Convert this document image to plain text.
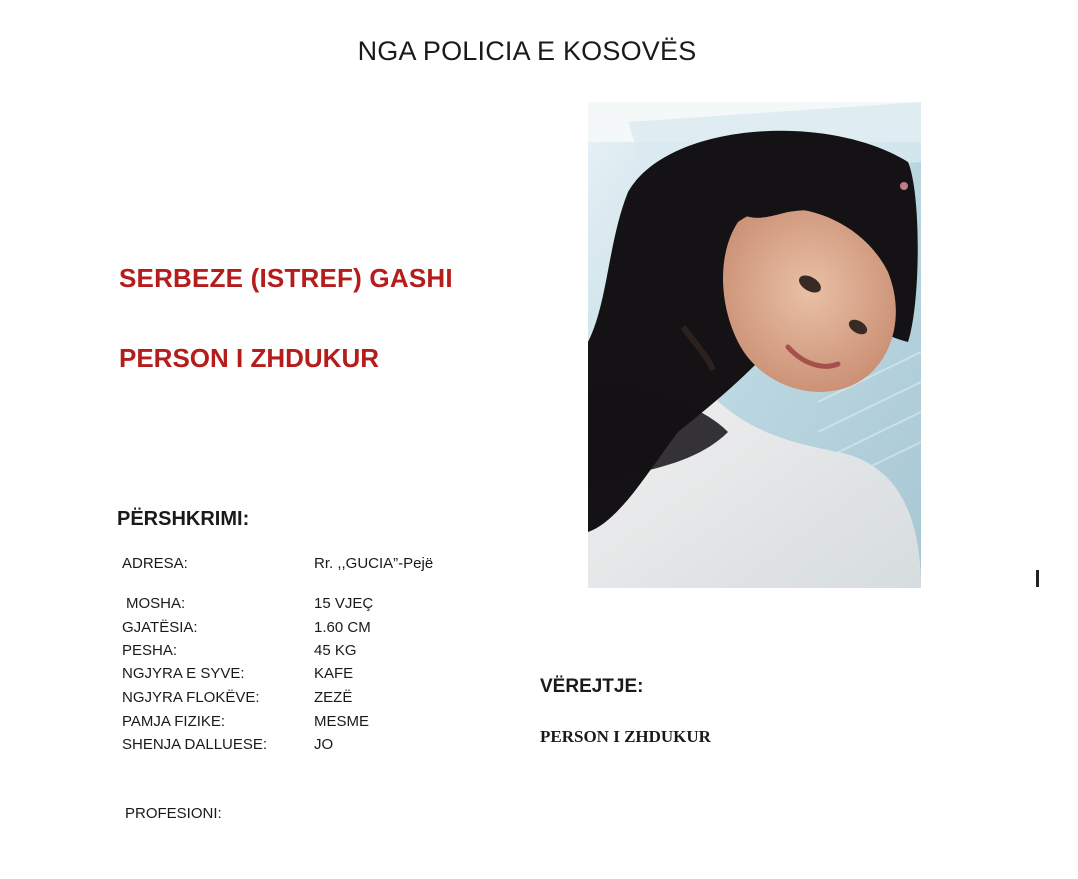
NGA POLICIA E KOSOVËS
SERBEZE (ISTREF) GASHI
PERSON I ZHDUKUR
PËRSHKRIMI:
ADRESA:	Rr. ,,GUCIA”-Pejë
MOSHA:	15 VJEÇ
GJATËSIA:	1.60 CM
PESHA:	45 KG
NGJYRA E SYVE:	KAFE
NGJYRA FLOKËVE:	ZEZË
PAMJA FIZIKE:	MESME
SHENJA DALLUESE:	JO
PROFESIONI:
VËREJTJE:
PERSON I ZHDUKUR
